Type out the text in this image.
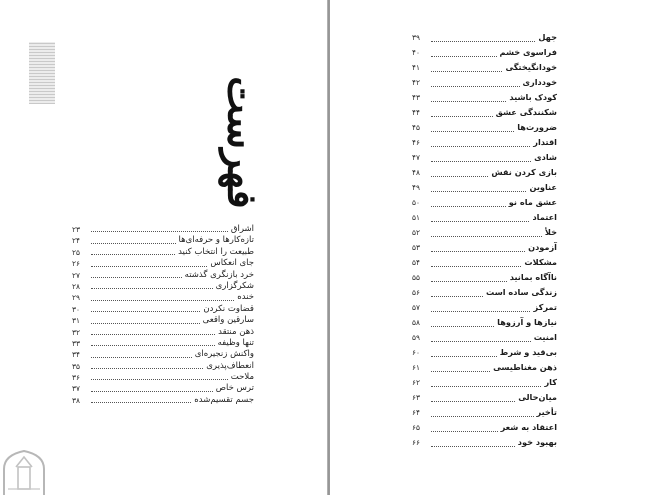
فهرست
اشراق
۲۳
تازه‌کارها و حرفه‌ای‌ها
۲۴
طبیعت را انتخاب کنید
۲۵
جای انعکاس
۲۶
خرد بازنگری گذشته
۲۷
شکرگزاری
۲۸
خنده
۲۹
قضاوت نکردن
۳۰
سارقین واقعی
۳۱
ذهن منتقد
۳۲
تنها وظیفه
۳۳
واکنش زنجیره‌ای
۳۴
انعطاف‌پذیری
۳۵
ملاحت
۳۶
ترس خاص
۳۷
جسم تقسیم‌شده
۳۸
جهل
۳۹
فراسوی خشم
۴۰
خودانگیختگی
۴۱
خودداری
۴۲
کودک باشید
۴۳
شکنندگی عشق
۴۴
ضرورت‌ها
۴۵
اقتدار
۴۶
شادی
۴۷
بازی کردن نقش
۴۸
عناوین
۴۹
عشق ماه نو
۵۰
اعتماد
۵۱
خلأ
۵۲
آزمودن
۵۳
مشکلات
۵۴
ناآگاه بمانید
۵۵
زندگی ساده است
۵۶
تمرکز
۵۷
نیازها و آرزوها
۵۸
امنیت
۵۹
بی‌قید و شرط
۶۰
ذهن مغناطیسی
۶۱
کار
۶۲
میان‌حالی
۶۳
تأخیر
۶۴
اعتقاد به شعر
۶۵
بهبود خود
۶۶
